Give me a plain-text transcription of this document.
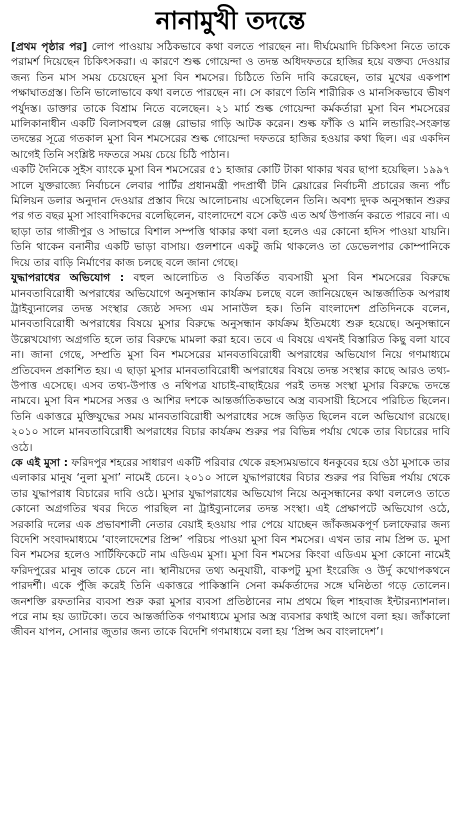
নানামুখী তদন্তে

[প্রথম পৃষ্ঠার পর] লোপ পাওয়ায় সঠিকভাবে কথা বলতে পারছেন না। দীর্ঘমেয়াদি চিকিৎসা নিতে তাকে পরামর্শ দিয়েছেন চিকিৎসকরা। এ কারণে শুল্ক গোয়েন্দা ও তদন্ত অধিদফতরে হাজির হয়ে বক্তব্য দেওয়ার জন্য তিন মাস সময় চেয়েছেন মুসা বিন শমসের। চিঠিতে তিনি দাবি করেছেন, তার মুখের একপাশ পক্ষাঘাতগ্রস্ত। তিনি ভালোভাবে কথা বলতে পারছেন না। সে কারণে তিনি শারীরিক ও মানসিকভাবে ভীষণ পর্যুদস্ত। ডাক্তার তাকে বিশ্রাম নিতে বলেছেন। ২১ মার্চ শুল্ক গোয়েন্দা কর্মকর্তারা মুসা বিন শমসেরের মালিকানাধীন একটি বিলাসবহুল রেঞ্জ রোভার গাড়ি আটক করেন। শুল্ক ফাঁকি ও মানি লন্ডারিং-সংক্রান্ত তদন্তের সূত্রে গতকাল মুসা বিন শমসেরের শুল্ক গোয়েন্দা দফতরে হাজির হওয়ার কথা ছিল। এর একদিন আগেই তিনি সংশ্লিষ্ট দফতরে সময় চেয়ে চিঠি পাঠান।

একটি দৈনিকে সুইস ব্যাংকে মুসা বিন শমসেরের ৫১ হাজার কোটি টাকা থাকার খবর ছাপা হয়েছিল। ১৯৯৭ সালে যুক্তরাজ্যে নির্বাচনে লেবার পার্টির প্রধানমন্ত্রী পদপ্রার্থী টনি ব্লেয়ারের নির্বাচনী প্রচারের জন্য পাঁচ মিলিয়ন ডলার অনুদান দেওয়ার প্রস্তাব দিয়ে আলোচনায় এসেছিলেন তিনি। অবশ্য দুদক অনুসন্ধান শুরুর পর গত বছর মুসা সাংবাদিকদের বলেছিলেন, বাংলাদেশে বসে কেউ এত অর্থ উপার্জন করতে পারবে না। এ ছাড়া তার গাজীপুর ও সাভারে বিশাল সম্পত্তি থাকার কথা বলা হলেও এর কোনো হদিস পাওয়া যায়নি। তিনি থাকেন বনানীর একটি ভাড়া বাসায়। গুলশানে একটু জমি থাকলেও তা ডেভেলপার কোম্পানিকে দিয়ে তার বাড়ি নির্মাণের কাজ চলছে বলে জানা গেছে।

যুদ্ধাপরাধের অভিযোগ : বহুল আলোচিত ও বিতর্কিত ব্যবসায়ী মুসা বিন শমসেরের বিরুদ্ধে মানবতাবিরোধী অপরাধের অভিযোগে অনুসন্ধান কার্যক্রম চলছে বলে জানিয়েছেন আন্তর্জাতিক অপরাধ ট্রাইব্যুনালের তদন্ত সংস্থার জ্যেষ্ঠ সদস্য এম সানাউল হক। তিনি বাংলাদেশ প্রতিদিনকে বলেন, মানবতাবিরোধী অপরাধের বিষয়ে মুসার বিরুদ্ধে অনুসন্ধান কার্যক্রম ইতিমধ্যে শুরু হয়েছে। অনুসন্ধানে উল্লেখযোগ্য অগ্রগতি হলে তার বিরুদ্ধে মামলা করা হবে। তবে এ বিষয়ে এখনই বিস্তারিত কিছু বলা যাবে না। জানা গেছে, সম্প্রতি মুসা বিন শমসেরের মানবতাবিরোধী অপরাধের অভিযোগ নিয়ে গণমাধ্যমে প্রতিবেদন প্রকাশিত হয়। এ ছাড়া মুসার মানবতাবিরোধী অপরাধের বিষয়ে তদন্ত সংস্থার কাছে আরও তথ্য-উপাত্ত এসেছে। এসব তথ্য-উপাত্ত ও নথিপত্র যাচাই-বাছাইয়ের পরই তদন্ত সংস্থা মুসার বিরুদ্ধে তদন্তে নামবে। মুসা বিন শমসের সত্তর ও আশির দশকে আন্তর্জাতিকভাবে অস্ত্র ব্যবসায়ী হিসেবে পরিচিত ছিলেন। তিনি একাত্তরে মুক্তিযুদ্ধের সময় মানবতাবিরোধী অপরাধের সঙ্গে জড়িত ছিলেন বলে অভিযোগ রয়েছে। ২০১০ সালে মানবতাবিরোধী অপরাধের বিচার কার্যক্রম শুরুর পর বিভিন্ন পর্যায় থেকে তার বিচারের দাবি ওঠে।

কে এই মুসা : ফরিদপুর শহরের সাধারণ একটি পরিবার থেকে রহস্যময়ভাবে ধনকুবের হয়ে ওঠা মুসাকে তার এলাকার মানুষ ‘নুলা মুসা’ নামেই চেনে। ২০১০ সালে যুদ্ধাপরাধের বিচার শুরুর পর বিভিন্ন পর্যায় থেকে তার যুদ্ধাপরাধ বিচারের দাবি ওঠে। মুসার যুদ্ধাপরাধের অভিযোগ নিয়ে অনুসন্ধানের কথা বললেও তাতে কোনো অগ্রগতির খবর দিতে পারছিল না ট্রাইব্যুনালের তদন্ত সংস্থা। এই প্রেক্ষাপটে অভিযোগ ওঠে, সরকারি দলের এক প্রভাবশালী নেতার বেয়াই হওয়ায় পার পেয়ে যাচ্ছেন জাঁকজমকপূর্ণ চলাফেরার জন্য বিদেশি সংবাদমাধ্যমে ‘বাংলাদেশের প্রিন্স’ পরিচয় পাওয়া মুসা বিন শমসের। এখন তার নাম প্রিন্স ড. মুসা বিন শমসের হলেও সার্টিফিকেটে নাম এডিএম মুসা। মুসা বিন শমসের কিংবা এডিএম মুসা কোনো নামেই ফরিদপুরের মানুষ তাকে চেনে না। স্থানীয়দের তথ্য অনুযায়ী, বাকপটু মুসা ইংরেজি ও উর্দু কথোপকথনে পারদর্শী। একে পুঁজি করেই তিনি একাত্তরে পাকিস্তানি সেনা কর্মকর্তাদের সঙ্গে ঘনিষ্ঠতা গড়ে তোলেন। জনশক্তি রফতানির ব্যবসা শুরু করা মুসার ব্যবসা প্রতিষ্ঠানের নাম প্রথমে ছিল শাহবাজ ইন্টারন্যাশনাল। পরে নাম হয় ড্যাটকো। তবে আন্তর্জাতিক গণমাধ্যমে মুসার অস্ত্র ব্যবসার কথাই আগে বলা হয়। জাঁকালো জীবন যাপন, সোনার জুতার জন্য তাকে বিদেশি গণমাধ্যমে বলা হয় ‘প্রিন্স অব বাংলাদেশ’।
